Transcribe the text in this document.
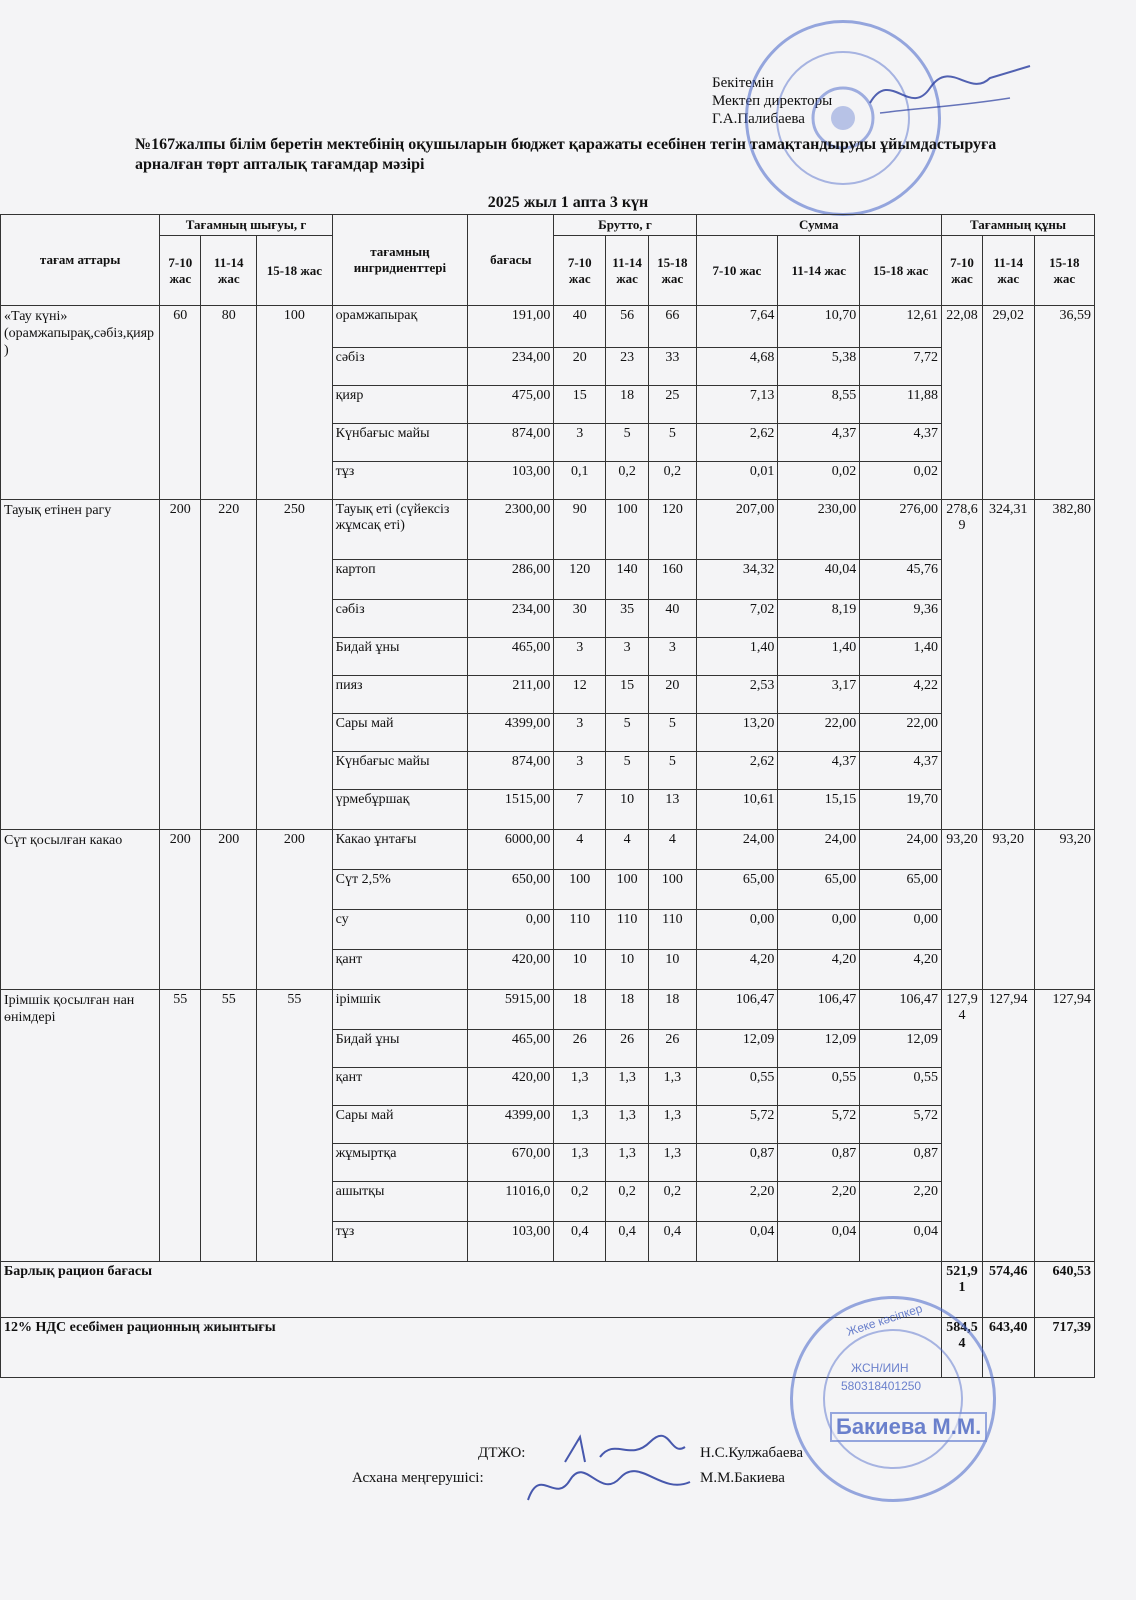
Бекітемін
Мектеп директоры
Г.А.Палибаева
№167жалпы білім беретін мектебінің оқушыларын бюджет қаражаты есебінен тегін тамақтандыруды ұйымдастыруға арналған төрт апталық тағамдар мәзірі
2025 жыл 1 апта 3 күн
тағам аттары	Тағамның шығуы, г			тағамның ингридиенттері	бағасы	Брутто, г			Сумма			Тағамның құны		
	7-10 жас	11-14 жас	15-18 жас			7-10 жас	11-14 жас	15-18 жас	7-10 жас	11-14 жас	15-18 жас	7-10 жас	11-14 жас	15-18 жас
«Тау күні» (орамжапырақ,сәбіз,қияр)	60	80	100	орамжапырақ	191,00	40	56	66	7,64	10,70	12,61	22,08	29,02	36,59
				сәбіз	234,00	20	23	33	4,68	5,38	7,72			
				қияр	475,00	15	18	25	7,13	8,55	11,88			
				Күнбағыс майы	874,00	3	5	5	2,62	4,37	4,37			
				тұз	103,00	0,1	0,2	0,2	0,01	0,02	0,02			
Тауық етінен рагу	200	220	250	Тауық еті (сүйексіз жұмсақ еті)	2300,00	90	100	120	207,00	230,00	276,00	278,69	324,31	382,80
				картоп	286,00	120	140	160	34,32	40,04	45,76			
				сәбіз	234,00	30	35	40	7,02	8,19	9,36			
				Бидай ұны	465,00	3	3	3	1,40	1,40	1,40			
				пияз	211,00	12	15	20	2,53	3,17	4,22			
				Сары май	4399,00	3	5	5	13,20	22,00	22,00			
				Күнбағыс майы	874,00	3	5	5	2,62	4,37	4,37			
				үрмебұршақ	1515,00	7	10	13	10,61	15,15	19,70			
Сүт қосылған какао	200	200	200	Какао ұнтағы	6000,00	4	4	4	24,00	24,00	24,00	93,20	93,20	93,20
				Сүт 2,5%	650,00	100	100	100	65,00	65,00	65,00			
				су	0,00	110	110	110	0,00	0,00	0,00			
				қант	420,00	10	10	10	4,20	4,20	4,20			
Ірімшік қосылған нан өнімдері	55	55	55	ірімшік	5915,00	18	18	18	106,47	106,47	106,47	127,94	127,94	127,94
				Бидай ұны	465,00	26	26	26	12,09	12,09	12,09			
				қант	420,00	1,3	1,3	1,3	0,55	0,55	0,55			
				Сары май	4399,00	1,3	1,3	1,3	5,72	5,72	5,72			
				жұмыртқа	670,00	1,3	1,3	1,3	0,87	0,87	0,87			
				ашытқы	11016,0	0,2	0,2	0,2	2,20	2,20	2,20			
				тұз	103,00	0,4	0,4	0,4	0,04	0,04	0,04			
Барлық рацион бағасы												521,91	574,46	640,53
12% НДС есебімен рационның жиынтығы												584,54	643,40	717,39
ДТЖО:	Н.С.Кулжабаева
Асхана меңгерушісі:	М.М.Бакиева
Жеке кәсіпкер
ЖСН/ИИН
580318401250
Бакиева М.М.
